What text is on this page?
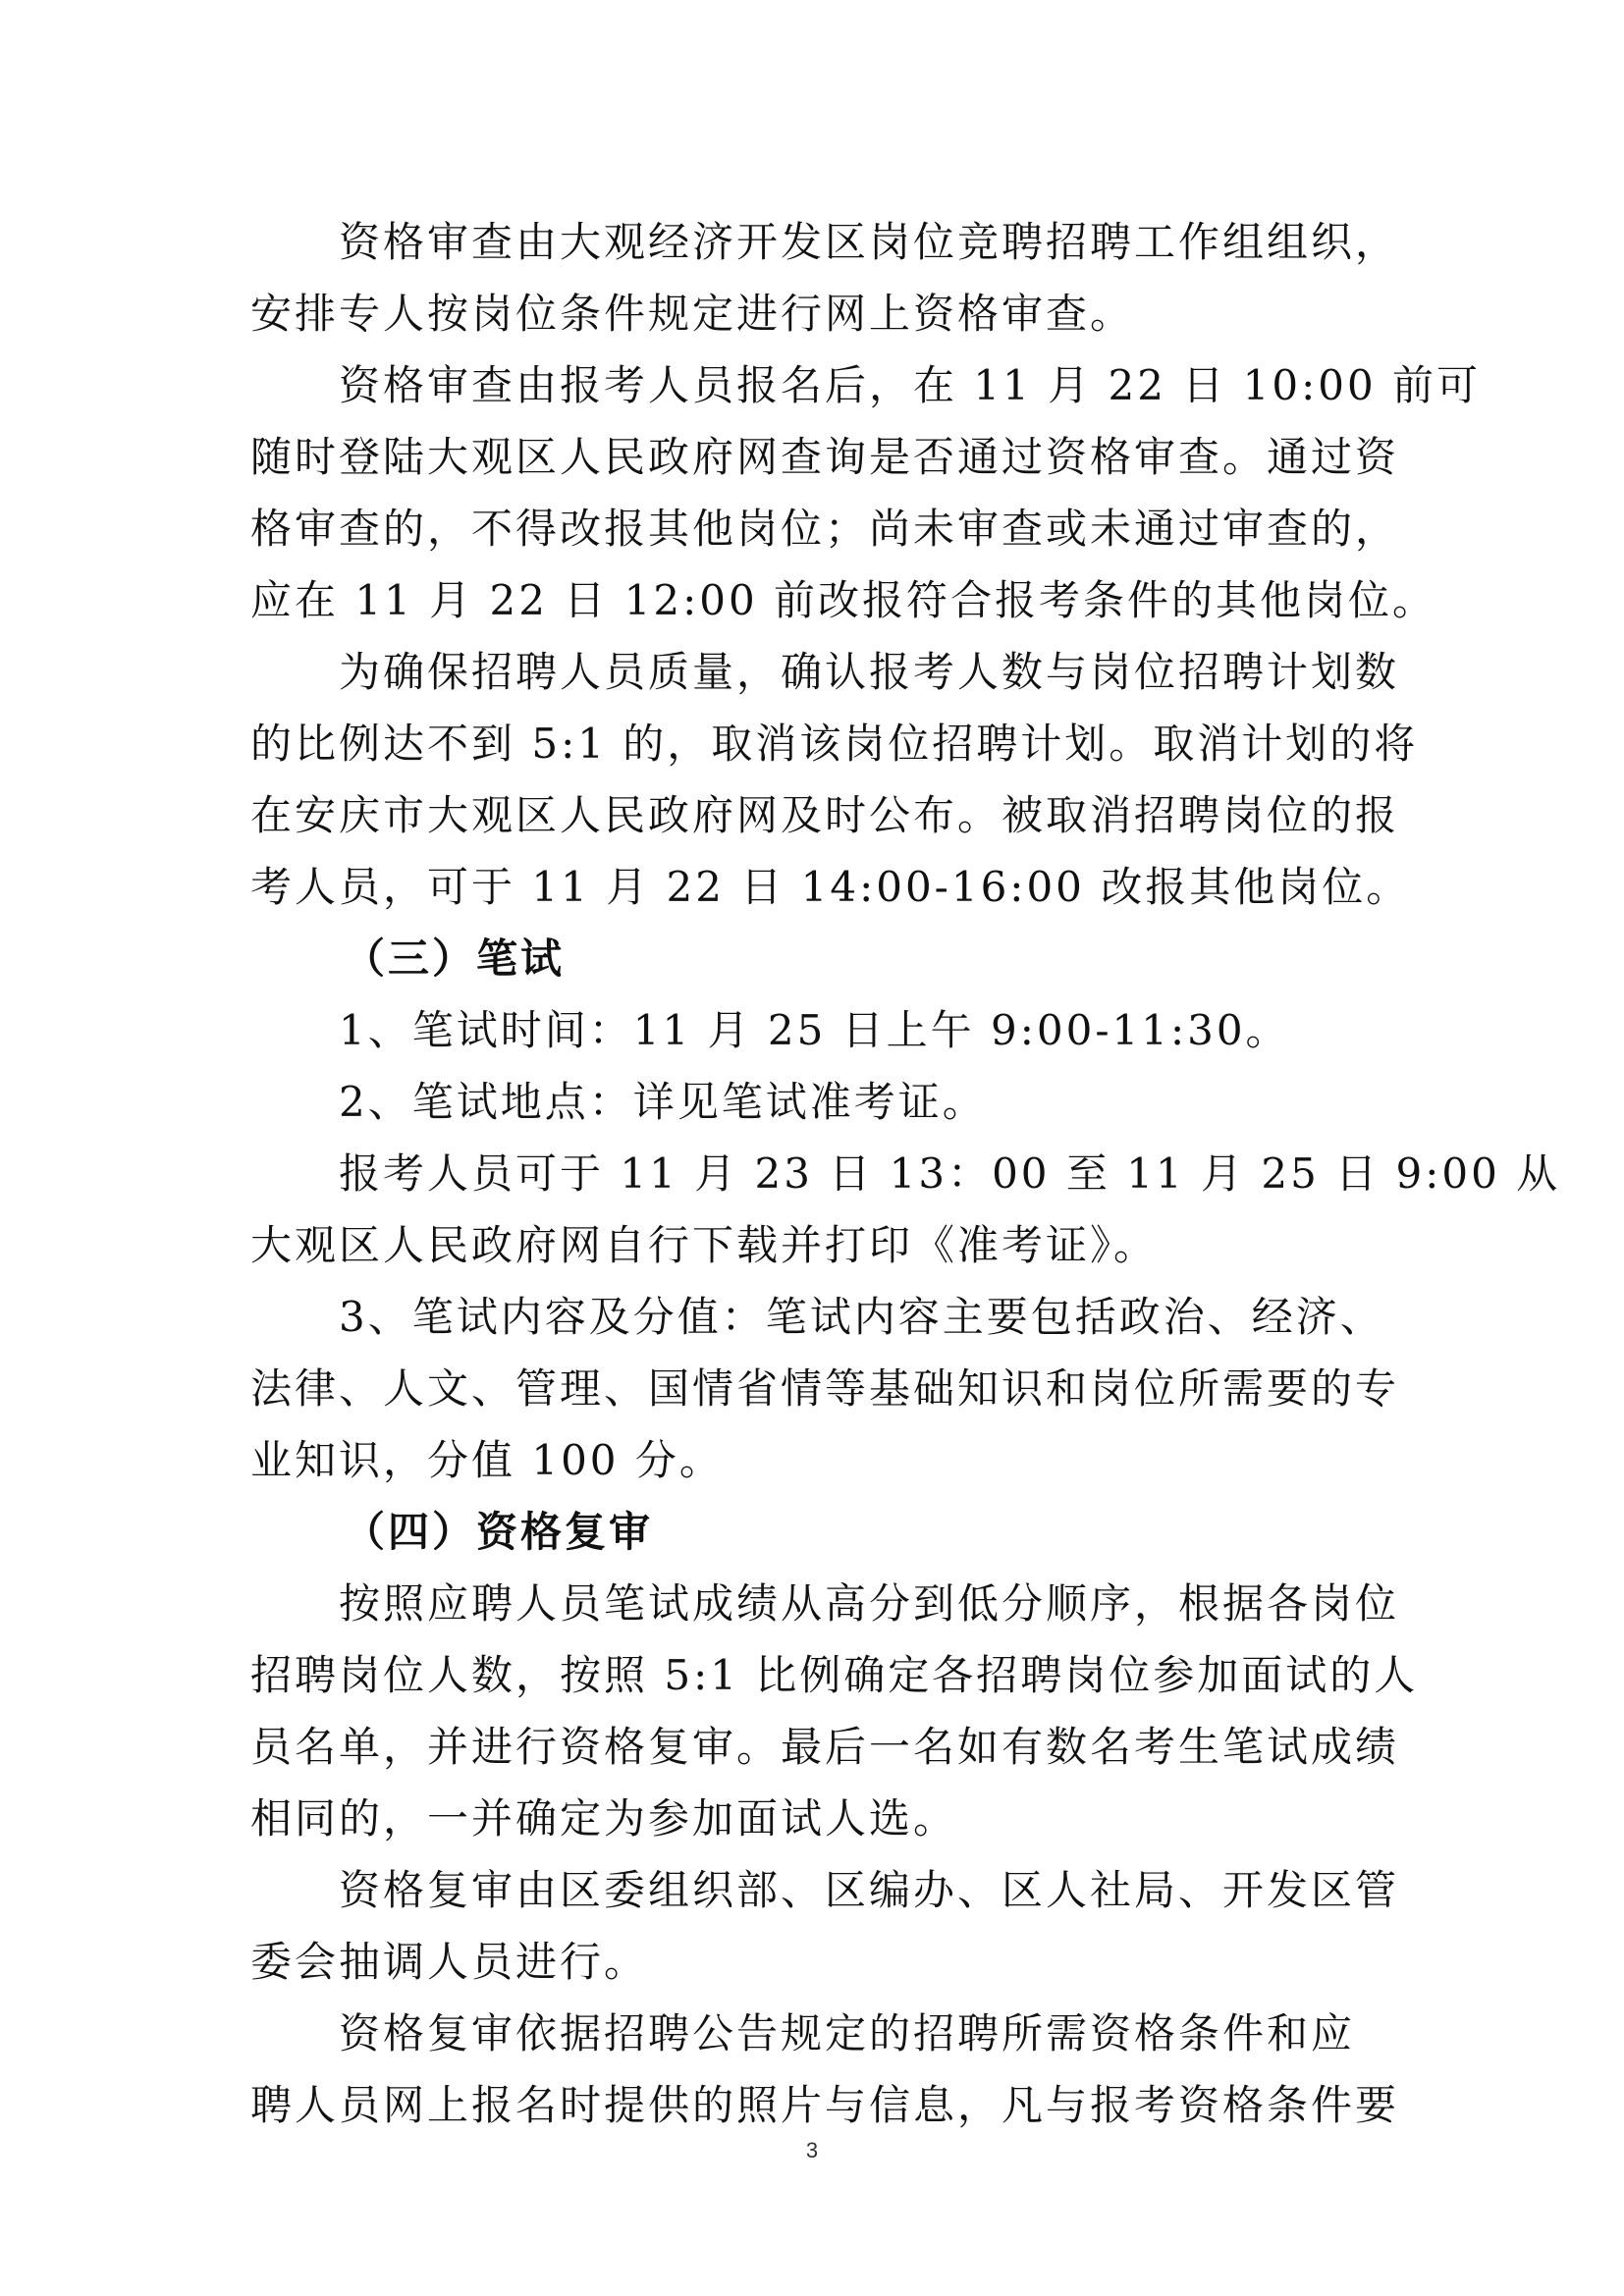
资格审查由大观经济开发区岗位竞聘招聘工作组组织，
安排专人按岗位条件规定进行网上资格审查。
资格审查由报考人员报名后，在 11 月 22 日 10:00 前可
随时登陆大观区人民政府网查询是否通过资格审查。通过资
格审查的，不得改报其他岗位；尚未审查或未通过审查的，
应在 11 月 22 日 12:00 前改报符合报考条件的其他岗位。
为确保招聘人员质量，确认报考人数与岗位招聘计划数
的比例达不到 5:1 的，取消该岗位招聘计划。取消计划的将
在安庆市大观区人民政府网及时公布。被取消招聘岗位的报
考人员，可于 11 月 22 日 14:00-16:00 改报其他岗位。
（三）笔试
1、笔试时间：11 月 25 日上午 9:00-11:30。
2、笔试地点：详见笔试准考证。
报考人员可于 11 月 23 日 13：00 至 11 月 25 日 9:00 从
大观区人民政府网自行下载并打印《准考证》。
3、笔试内容及分值：笔试内容主要包括政治、经济、
法律、人文、管理、国情省情等基础知识和岗位所需要的专
业知识，分值 100 分。
（四）资格复审
按照应聘人员笔试成绩从高分到低分顺序，根据各岗位
招聘岗位人数，按照 5:1 比例确定各招聘岗位参加面试的人
员名单，并进行资格复审。最后一名如有数名考生笔试成绩
相同的，一并确定为参加面试人选。
资格复审由区委组织部、区编办、区人社局、开发区管
委会抽调人员进行。
资格复审依据招聘公告规定的招聘所需资格条件和应
聘人员网上报名时提供的照片与信息，凡与报考资格条件要
3
